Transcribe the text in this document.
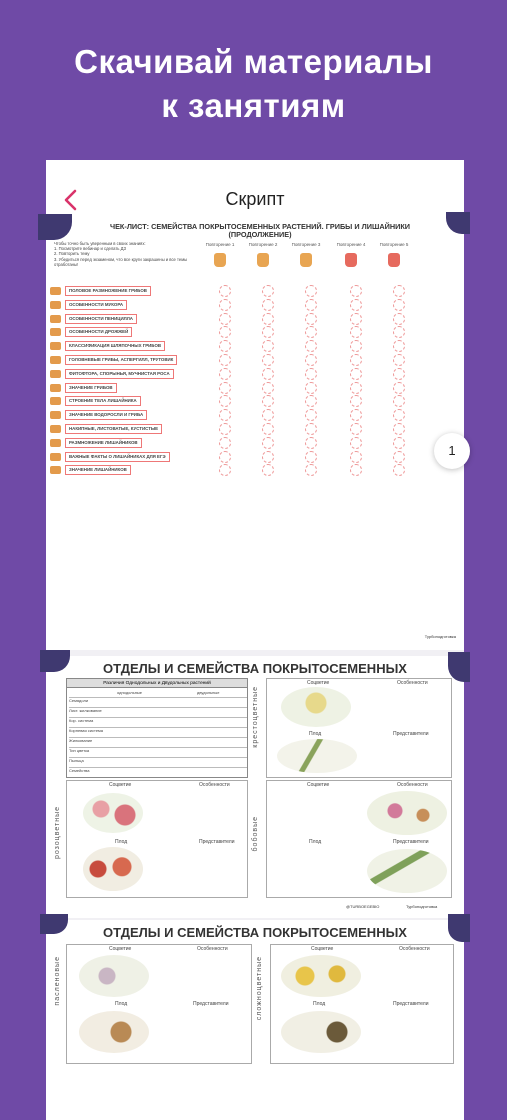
Скачивай материалы
к занятиям
Скрипт
ЧЕК-ЛИСТ: СЕМЕЙСТВА ПОКРЫТОСЕМЕННЫХ РАСТЕНИЙ. ГРИБЫ И ЛИШАЙНИКИ (ПРОДОЛЖЕНИЕ)
Чтобы точно быть уверенным в своих знаниях:
1. Посмотрите вебинар и сделать ДЗ
2. Повторить тему
3. Убедиться перед экзаменом, что все круги закрашены и все темы отработаны!
Повторение 1	Повторение 2	Повторение 3	Повторение 4	Повторение 5
ПОЛОВОЕ РАЗМНОЖЕНИЕ ГРИБОВ
ОСОБЕННОСТИ МУКОРА
ОСОБЕННОСТИ ПЕНИЦИЛЛА
ОСОБЕННОСТИ ДРОЖЖЕЙ
КЛАССИФИКАЦИЯ ШЛЯПОЧНЫХ ГРИБОВ
ГОЛОВНЕВЫЕ ГРИБЫ, АСПЕРГИЛЛ, ТРУТОВИК
ФИТОФТОРА, СПОРЫНЬЯ, МУЧНИСТАЯ РОСА
ЗНАЧЕНИЕ ГРИБОВ
СТРОЕНИЕ ТЕЛА ЛИШАЙНИКА
ЗНАЧЕНИЕ ВОДОРОСЛИ И ГРИБА
НАКИПНЫЕ, ЛИСТОВАТЫЕ, КУСТИСТЫЕ
РАЗМНОЖЕНИЕ ЛИШАЙНИКОВ
ВАЖНЫЕ ФАКТЫ О ЛИШАЙНИКАХ ДЛЯ ЕГЭ
ЗНАЧЕНИЕ ЛИШАЙНИКОВ
Турбоподготовка
ОТДЕЛЫ И СЕМЕЙСТВА ПОКРЫТОСЕМЕННЫХ
Различия Однодольных и Двудольных растений
однодольные	двудольные
Семядоли
Лист. жилкование
Кор. система
Корневая система
Жилкование
Тип цветка
Пыльца
Семейства
Соцветие	Особенности
Плод	Представители
розоцветные
Соцветие	Особенности
Плод	Представители
крестоцветные
Соцветие	Особенности
Плод	Представители
бобовые
@TURBOEGEBIO	Турбоподготовка
ОТДЕЛЫ И СЕМЕЙСТВА ПОКРЫТОСЕМЕННЫХ
Соцветие	Особенности
Плод	Представители
пасленовые
Соцветие	Особенности
Плод	Представители
сложноцветные
1
